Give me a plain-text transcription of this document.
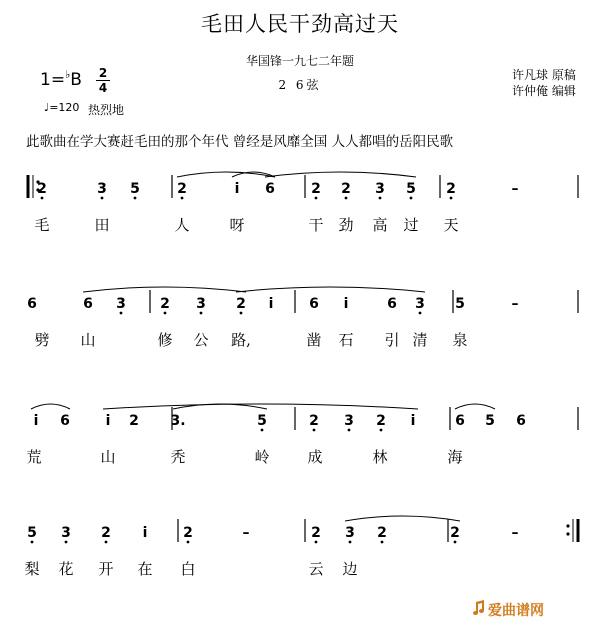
毛田人民干劲高过天
华国锋一九七二年题
2 6弦
许凡球 原稿
许仲俺 编辑
1=♭B 2
4
♩=120 热烈地
此歌曲在学大赛赶毛田的那个年代 曾经是风靡全国 人人都唱的岳阳民歌
2	3 5
毛	田
2	i 6
人	呀
2 2 3 5
干 劲 高 过
2	–
天
6	6 3
劈 山
2 3 2 i
修 公 路,
6 i	6 3
凿 石 引 清
5	–
泉
i 6	i 2
荒	山
3.	5
秃	岭
2 3 2 i
成	林
6 5 6
海
5 3 2 i
梨 花 开 在
2	–
白
2 3 2
云 边
2	–
爱曲谱网
